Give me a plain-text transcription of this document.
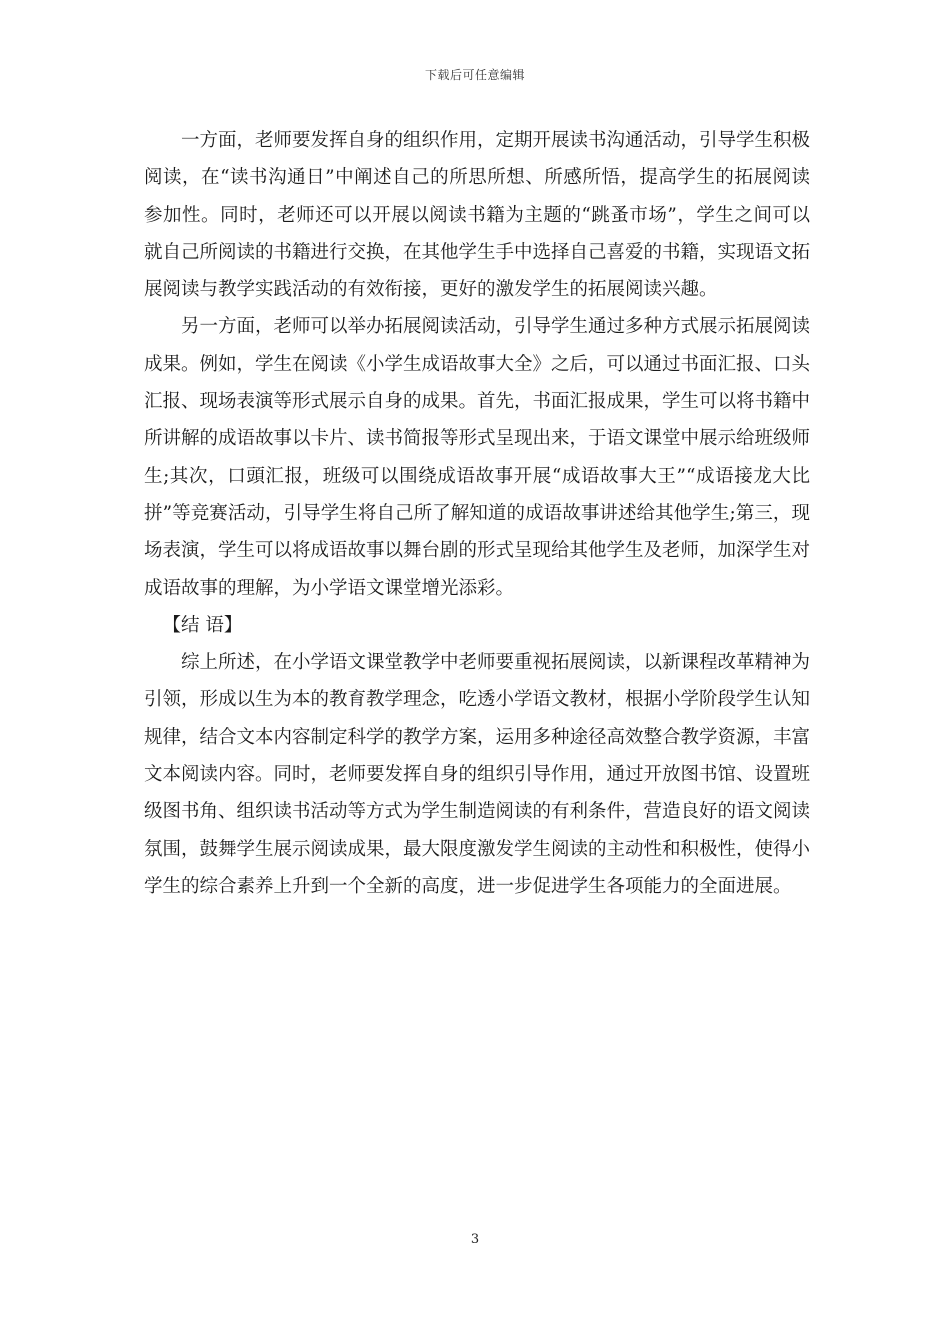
下载后可任意编辑

一方面，老师要发挥自身的组织作用，定期开展读书沟通活动，引导学生积极阅读，在“读书沟通日”中阐述自己的所思所想、所感所悟，提高学生的拓展阅读参加性。同时，老师还可以开展以阅读书籍为主题的“跳蚤市场”，学生之间可以就自己所阅读的书籍进行交换，在其他学生手中选择自己喜爱的书籍，实现语文拓展阅读与教学实践活动的有效衔接，更好的激发学生的拓展阅读兴趣。

另一方面，老师可以举办拓展阅读活动，引导学生通过多种方式展示拓展阅读成果。例如，学生在阅读《小学生成语故事大全》之后，可以通过书面汇报、口头汇报、现场表演等形式展示自身的成果。首先，书面汇报成果，学生可以将书籍中所讲解的成语故事以卡片、读书简报等形式呈现出来，于语文课堂中展示给班级师生;其次，口頭汇报，班级可以围绕成语故事开展“成语故事大王”“成语接龙大比拼”等竞赛活动，引导学生将自己所了解知道的成语故事讲述给其他学生;第三，现场表演，学生可以将成语故事以舞台剧的形式呈现给其他学生及老师，加深学生对成语故事的理解，为小学语文课堂增光添彩。

【结 语】

综上所述，在小学语文课堂教学中老师要重视拓展阅读，以新课程改革精神为引领，形成以生为本的教育教学理念，吃透小学语文教材，根据小学阶段学生认知规律，结合文本内容制定科学的教学方案，运用多种途径高效整合教学资源，丰富文本阅读内容。同时，老师要发挥自身的组织引导作用，通过开放图书馆、设置班级图书角、组织读书活动等方式为学生制造阅读的有利条件，营造良好的语文阅读氛围，鼓舞学生展示阅读成果，最大限度激发学生阅读的主动性和积极性，使得小学生的综合素养上升到一个全新的高度，进一步促进学生各项能力的全面进展。

3
